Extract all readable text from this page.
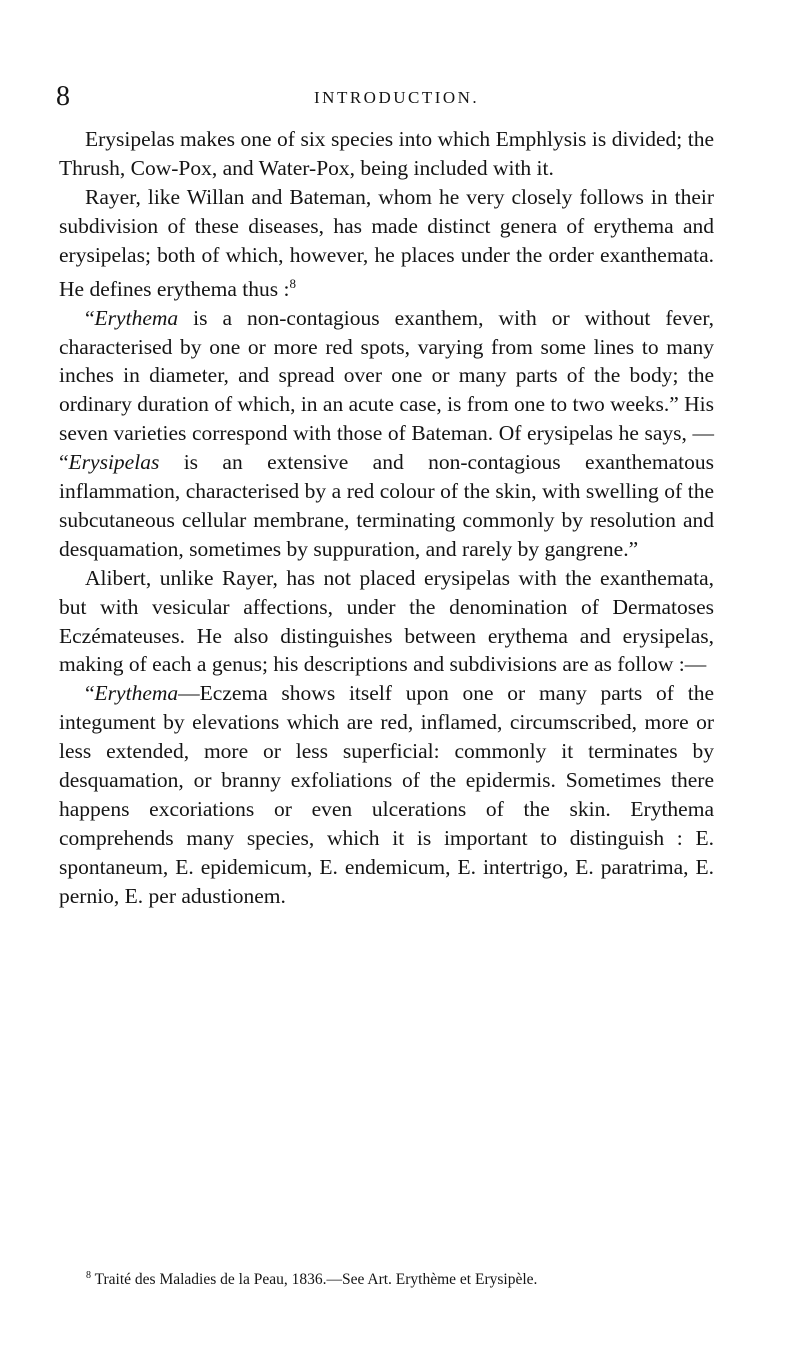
8	INTRODUCTION.

Erysipelas makes one of six species into which Emphlysis is divided; the Thrush, Cow-Pox, and Water-Pox, being included with it.

Rayer, like Willan and Bateman, whom he very closely follows in their subdivision of these diseases, has made distinct genera of erythema and erysipelas; both of which, however, he places under the order exanthemata. He defines erythema thus :$^8$

“Erythema is a non-contagious exanthem, with or without fever, characterised by one or more red spots, varying from some lines to many inches in diameter, and spread over one or many parts of the body; the ordinary duration of which, in an acute case, is from one to two weeks.” His seven varieties correspond with those of Bateman. Of erysipelas he says, — “Erysipelas is an extensive and non-contagious exanthematous inflammation, characterised by a red colour of the skin, with swelling of the subcutaneous cellular membrane, terminating commonly by resolution and desquamation, sometimes by suppuration, and rarely by gangrene.”

Alibert, unlike Rayer, has not placed erysipelas with the exanthemata, but with vesicular affections, under the denomination of Dermatoses Eczémateuses. He also distinguishes between erythema and erysipelas, making of each a genus; his descriptions and subdivisions are as follow :—

“Erythema—Eczema shows itself upon one or many parts of the integument by elevations which are red, inflamed, circumscribed, more or less extended, more or less superficial: commonly it terminates by desquamation, or branny exfoliations of the epidermis. Sometimes there happens excoriations or even ulcerations of the skin. Erythema comprehends many species, which it is important to distinguish : E. spontaneum, E. epidemicum, E. endemicum, E. intertrigo, E. paratrima, E. pernio, E. per adustionem.

$^8$ Traité des Maladies de la Peau, 1836.—See Art. Erythème et Erysipèle.
